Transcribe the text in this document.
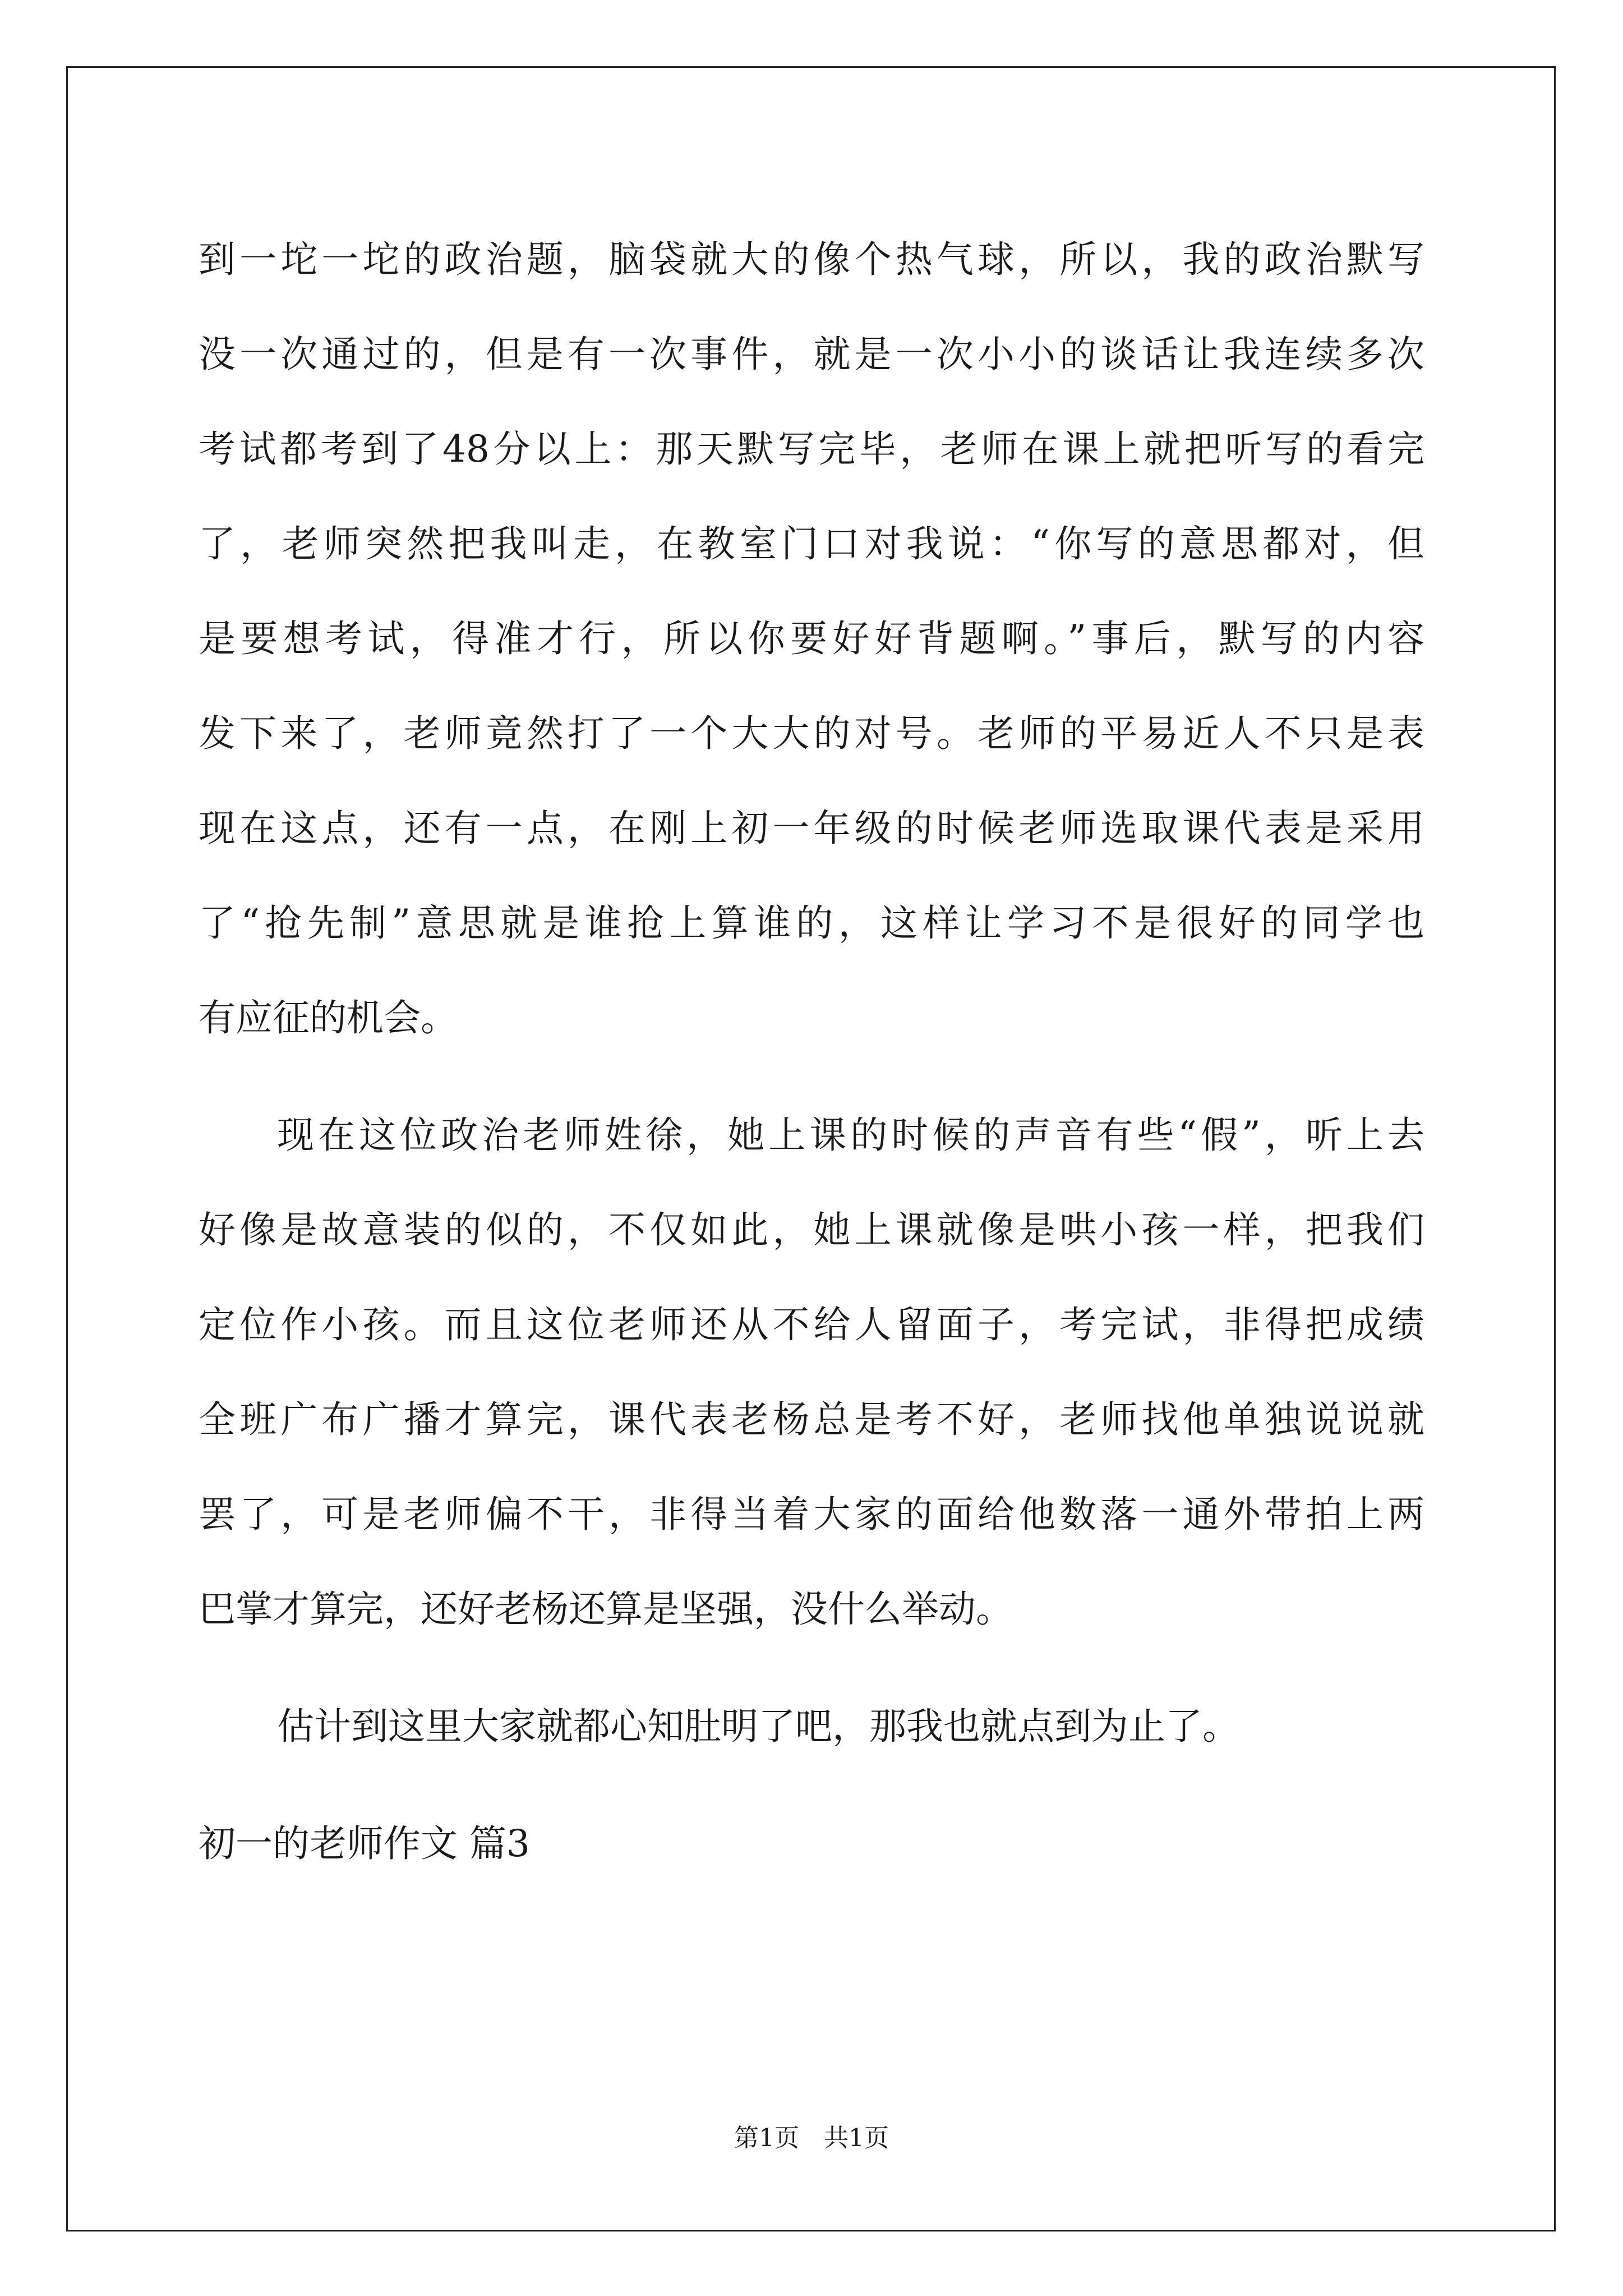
到一坨一坨的政治题，脑袋就大的像个热气球，所以，我的政治默写
没一次通过的，但是有一次事件，就是一次小小的谈话让我连续多次
考试都考到了48分以上：那天默写完毕，老师在课上就把听写的看完
了，老师突然把我叫走，在教室门口对我说：“你写的意思都对，但
是要想考试，得准才行，所以你要好好背题啊。”事后，默写的内容
发下来了，老师竟然打了一个大大的对号。老师的平易近人不只是表
现在这点，还有一点，在刚上初一年级的时候老师选取课代表是采用
了“抢先制”意思就是谁抢上算谁的，这样让学习不是很好的同学也
有应征的机会。
现在这位政治老师姓徐，她上课的时候的声音有些“假”，听上去
好像是故意装的似的，不仅如此，她上课就像是哄小孩一样，把我们
定位作小孩。而且这位老师还从不给人留面子，考完试，非得把成绩
全班广布广播才算完，课代表老杨总是考不好，老师找他单独说说就
罢了，可是老师偏不干，非得当着大家的面给他数落一通外带拍上两
巴掌才算完，还好老杨还算是坚强，没什么举动。
估计到这里大家就都心知肚明了吧，那我也就点到为止了。
初一的老师作文 篇3
第1页　共1页
